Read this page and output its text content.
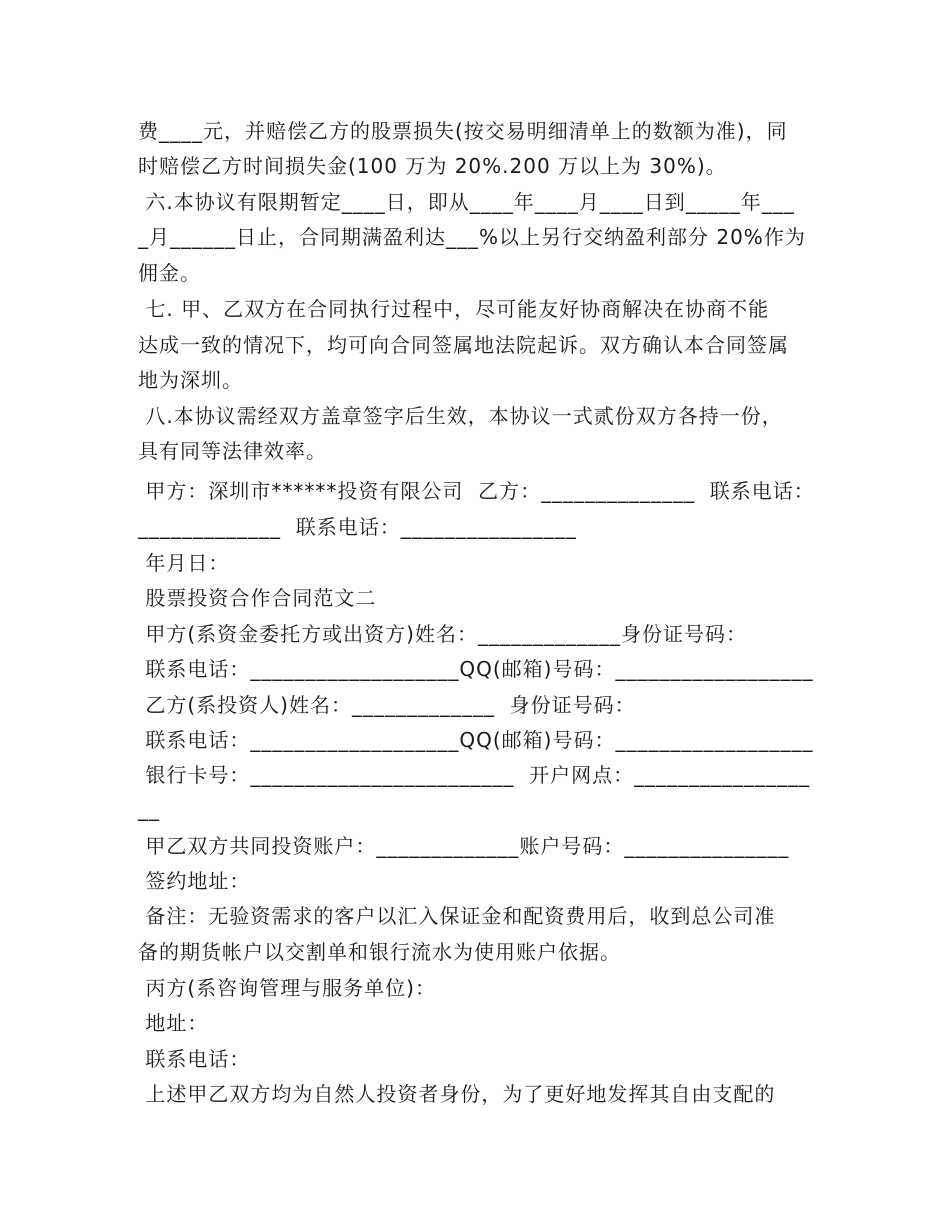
费____元，并赔偿乙方的股票损失(按交易明细清单上的数额为准)，同
时赔偿乙方时间损失金(100 万为 20%.200 万以上为 30%)。
六.本协议有限期暂定____日，即从____年____月____日到_____年___
_月______日止，合同期满盈利达___%以上另行交纳盈利部分 20%作为
佣金。
七. 甲、乙双方在合同执行过程中，尽可能友好协商解决在协商不能
达成一致的情况下，均可向合同签属地法院起诉。双方确认本合同签属
地为深圳。
八.本协议需经双方盖章签字后生效，本协议一式贰份双方各持一份，
具有同等法律效率。
甲方：深圳市******投资有限公司  乙方：______________  联系电话：
_____________  联系电话：________________
年月日：
股票投资合作合同范文二
甲方(系资金委托方或出资方)姓名：_____________身份证号码：
联系电话：___________________QQ(邮箱)号码：__________________
乙方(系投资人)姓名：_____________  身份证号码：
联系电话：___________________QQ(邮箱)号码：__________________
银行卡号：________________________  开户网点：________________
__
甲乙双方共同投资账户：_____________账户号码：_______________
签约地址：
备注：无验资需求的客户以汇入保证金和配资费用后，收到总公司准
备的期货帐户以交割单和银行流水为使用账户依据。
丙方(系咨询管理与服务单位)：
地址：
联系电话：
上述甲乙双方均为自然人投资者身份，为了更好地发挥其自由支配的
